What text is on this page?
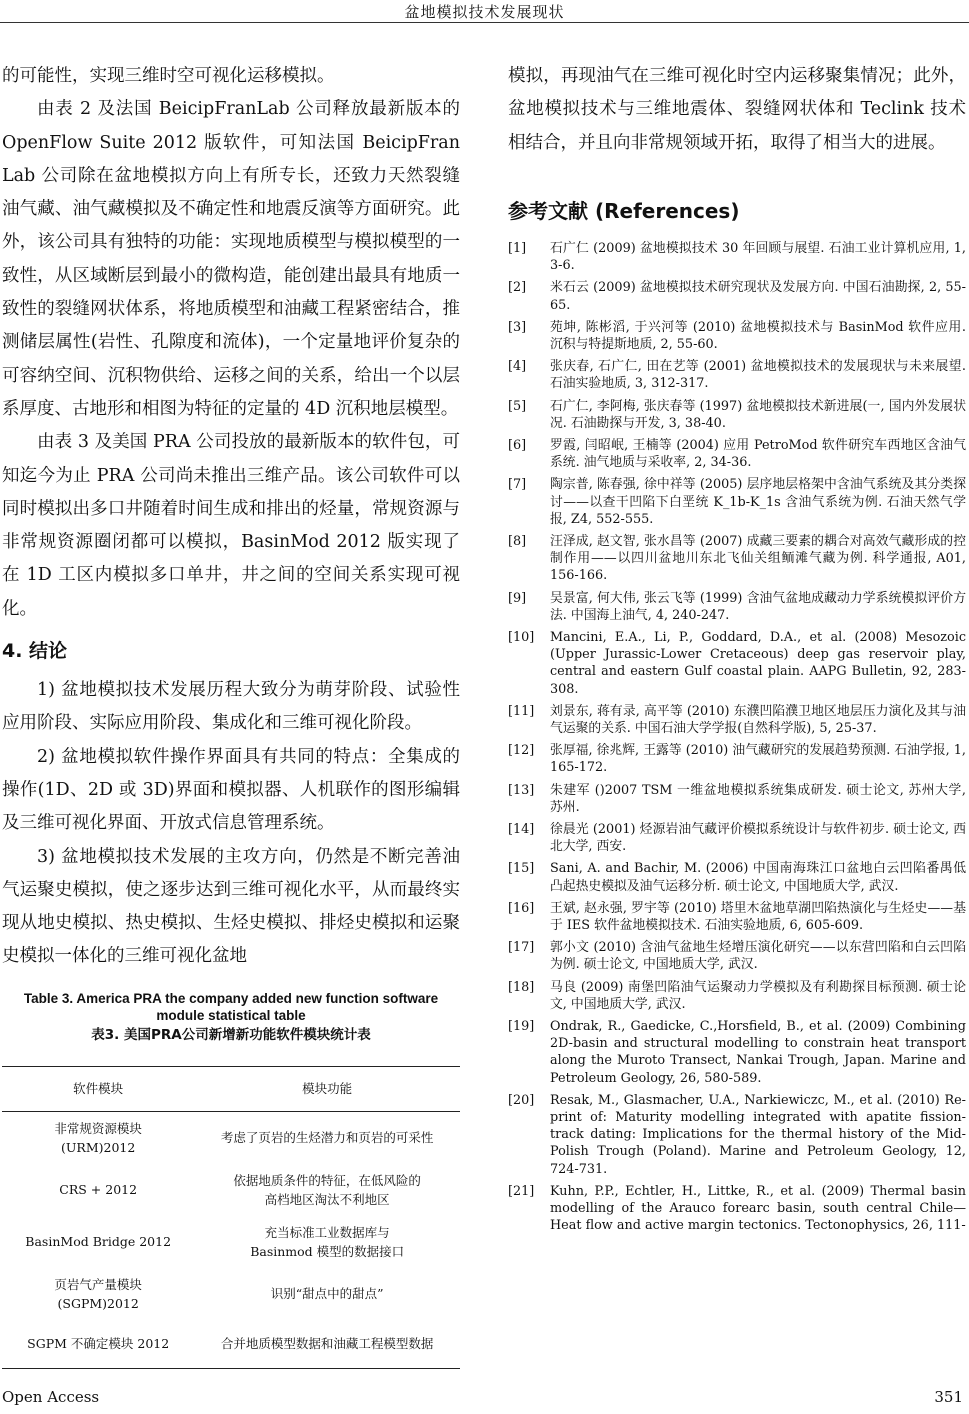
盆地模拟技术发展现状

的可能性，实现三维时空可视化运移模拟。

由表 2 及法国 BeicipFranLab 公司释放最新版本的 OpenFlow Suite 2012 版软件，可知法国 BeicipFran Lab 公司除在盆地模拟方向上有所专长，还致力天然裂缝油气藏、油气藏模拟及不确定性和地震反演等方面研究。此外，该公司具有独特的功能：实现地质模型与模拟模型的一致性，从区域断层到最小的微构造，能创建出最具有地质一致性的裂缝网状体系，将地质模型和油藏工程紧密结合，推测储层属性(岩性、孔隙度和流体)，一个定量地评价复杂的可容纳空间、沉积物供给、运移之间的关系，给出一个以层系厚度、古地形和相图为特征的定量的 4D 沉积地层模型。

由表 3 及美国 PRA 公司投放的最新版本的软件包，可知迄今为止 PRA 公司尚未推出三维产品。该公司软件可以同时模拟出多口井随着时间生成和排出的烃量，常规资源与非常规资源圈闭都可以模拟，BasinMod 2012 版实现了在 1D 工区内模拟多口单井，井之间的空间关系实现可视化。

4. 结论

1) 盆地模拟技术发展历程大致分为萌芽阶段、试验性应用阶段、实际应用阶段、集成化和三维可视化阶段。

2) 盆地模拟软件操作界面具有共同的特点：全集成的操作(1D、2D 或 3D)界面和模拟器、人机联作的图形编辑及三维可视化界面、开放式信息管理系统。

3) 盆地模拟技术发展的主攻方向，仍然是不断完善油气运聚史模拟，使之逐步达到三维可视化水平，从而最终实现从地史模拟、热史模拟、生烃史模拟、排烃史模拟和运聚史模拟一体化的三维可视化盆地

Table 3. America PRA the company added new function software module statistical table
表3. 美国PRA公司新增新功能软件模块统计表
软件模块	模块功能
非常规资源模块
(URM)2012	考虑了页岩的生烃潜力和页岩的可采性
CRS + 2012	依据地质条件的特征，在低风险的
高档地区淘汰不利地区
BasinMod Bridge 2012	充当标准工业数据库与
Basinmod 模型的数据接口
页岩气产量模块
(SGPM)2012	识别“甜点中的甜点”
SGPM 不确定模块 2012	合并地质模型数据和油藏工程模型数据

模拟，再现油气在三维可视化时空内运移聚集情况；此外，盆地模拟技术与三维地震体、裂缝网状体和 Teclink 技术相结合，并且向非常规领域开拓，取得了相当大的进展。

参考文献 (References)
[1]	石广仁 (2009) 盆地模拟技术 30 年回顾与展望. 石油工业计算机应用, 1, 3-6.
[2]	米石云 (2009) 盆地模拟技术研究现状及发展方向. 中国石油勘探, 2, 55-65.
[3]	苑坤, 陈彬滔, 于兴河等 (2010) 盆地模拟技术与 BasinMod 软件应用. 沉积与特提斯地质, 2, 55-60.
[4]	张庆春, 石广仁, 田在艺等 (2001) 盆地模拟技术的发展现状与未来展望. 石油实验地质, 3, 312-317.
[5]	石广仁, 李阿梅, 张庆春等 (1997) 盆地模拟技术新进展(一, 国内外发展状况. 石油勘探与开发, 3, 38-40.
[6]	罗霞, 闫昭岷, 王楠等 (2004) 应用 PetroMod 软件研究车西地区含油气系统. 油气地质与采收率, 2, 34-36.
[7]	陶宗普, 陈春强, 徐中祥等 (2005) 层序地层格架中含油气系统及其分类探讨——以查干凹陷下白垩统 K_1b-K_1s 含油气系统为例. 石油天然气学报, Z4, 552-555.
[8]	汪泽成, 赵文智, 张水昌等 (2007) 成藏三要素的耦合对高效气藏形成的控制作用——以四川盆地川东北飞仙关组鲕滩气藏为例. 科学通报, A01, 156-166.
[9]	吴景富, 何大伟, 张云飞等 (1999) 含油气盆地成藏动力学系统模拟评价方法. 中国海上油气, 4, 240-247.
[10]	Mancini, E.A., Li, P., Goddard, D.A., et al. (2008) Mesozoic (Upper Jurassic-Lower Cretaceous) deep gas reservoir play, central and eastern Gulf coastal plain. AAPG Bulletin, 92, 283-308.
[11]	刘景东, 蒋有录, 高平等 (2010) 东濮凹陷濮卫地区地层压力演化及其与油气运聚的关系. 中国石油大学学报(自然科学版), 5, 25-37.
[12]	张厚福, 徐兆辉, 王露等 (2010) 油气藏研究的发展趋势预测. 石油学报, 1, 165-172.
[13]	朱建军 ()2007 TSM 一维盆地模拟系统集成研发. 硕士论文, 苏州大学, 苏州.
[14]	徐晨光 (2001) 烃源岩油气藏评价模拟系统设计与软件初步. 硕士论文, 西北大学, 西安.
[15]	Sani, A. and Bachir, M. (2006) 中国南海珠江口盆地白云凹陷番禺低凸起热史模拟及油气运移分析. 硕士论文, 中国地质大学, 武汉.
[16]	王斌, 赵永强, 罗宇等 (2010) 塔里木盆地草湖凹陷热演化与生烃史——基于 IES 软件盆地模拟技术. 石油实验地质, 6, 605-609.
[17]	郭小文 (2010) 含油气盆地生烃增压演化研究——以东营凹陷和白云凹陷为例. 硕士论文, 中国地质大学, 武汉.
[18]	马良 (2009) 南堡凹陷油气运聚动力学模拟及有利勘探目标预测. 硕士论文, 中国地质大学, 武汉.
[19]	Ondrak, R., Gaedicke, C.,Horsfield, B., et al. (2009) Combining 2D-basin and structural modelling to constrain heat transport along the Muroto Transect, Nankai Trough, Japan. Marine and Petroleum Geology, 26, 580-589.
[20]	Resak, M., Glasmacher, U.A., Narkiewiczc, M., et al. (2010) Re-print of: Maturity modelling integrated with apatite fission-track dating: Implications for the thermal history of the Mid-Polish Trough (Poland). Marine and Petroleum Geology, 12, 724-731.
[21]	Kuhn, P.P., Echtler, H., Littke, R., et al. (2009) Thermal basin modelling of the Arauco forearc basin, south central Chile—Heat flow and active margin tectonics. Tectonophysics, 26, 111-
Open Access	351
